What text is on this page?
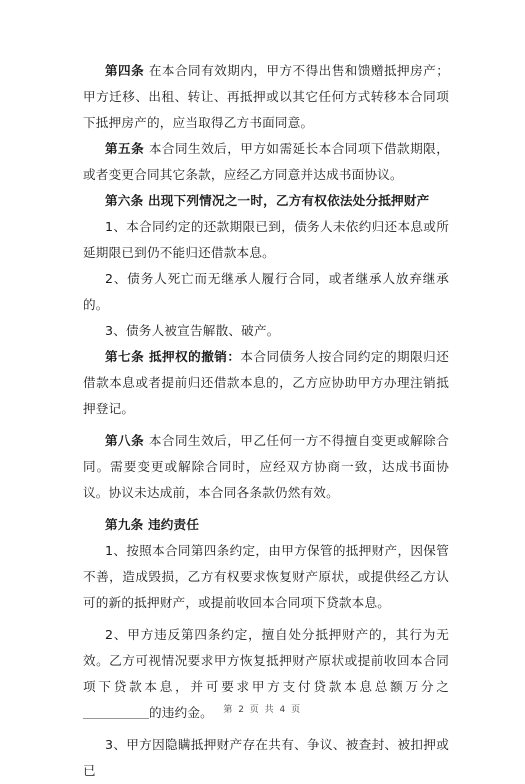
第四条  在本合同有效期内，甲方不得出售和馈赠抵押房产；甲方迁移、出租、转让、再抵押或以其它任何方式转移本合同项下抵押房产的，应当取得乙方书面同意。

第五条  本合同生效后，甲方如需延长本合同项下借款期限，或者变更合同其它条款，应经乙方同意并达成书面协议。

第六条 出现下列情况之一时，乙方有权依法处分抵押财产

1、本合同约定的还款期限已到，债务人未依约归还本息或所延期限已到仍不能归还借款本息。

2、债务人死亡而无继承人履行合同，或者继承人放弃继承的。

3、债务人被宣告解散、破产。

第七条 抵押权的撤销：本合同债务人按合同约定的期限归还借款本息或者提前归还借款本息的，乙方应协助甲方办理注销抵押登记。

第八条  本合同生效后，甲乙任何一方不得擅自变更或解除合同。需要变更或解除合同时，应经双方协商一致，达成书面协议。协议未达成前，本合同各条款仍然有效。

第九条 违约责任

1、按照本合同第四条约定，由甲方保管的抵押财产，因保管不善，造成毁损，乙方有权要求恢复财产原状，或提供经乙方认可的新的抵押财产，或提前收回本合同项下贷款本息。

2、甲方违反第四条约定，擅自处分抵押财产的，其行为无效。乙方可视情况要求甲方恢复抵押财产原状或提前收回本合同项下贷款本息，并可要求甲方支付贷款本息总额万分之的违约金。

3、甲方因隐瞒抵押财产存在共有、争议、被查封、被扣押或已

第 2 页 共 4 页
